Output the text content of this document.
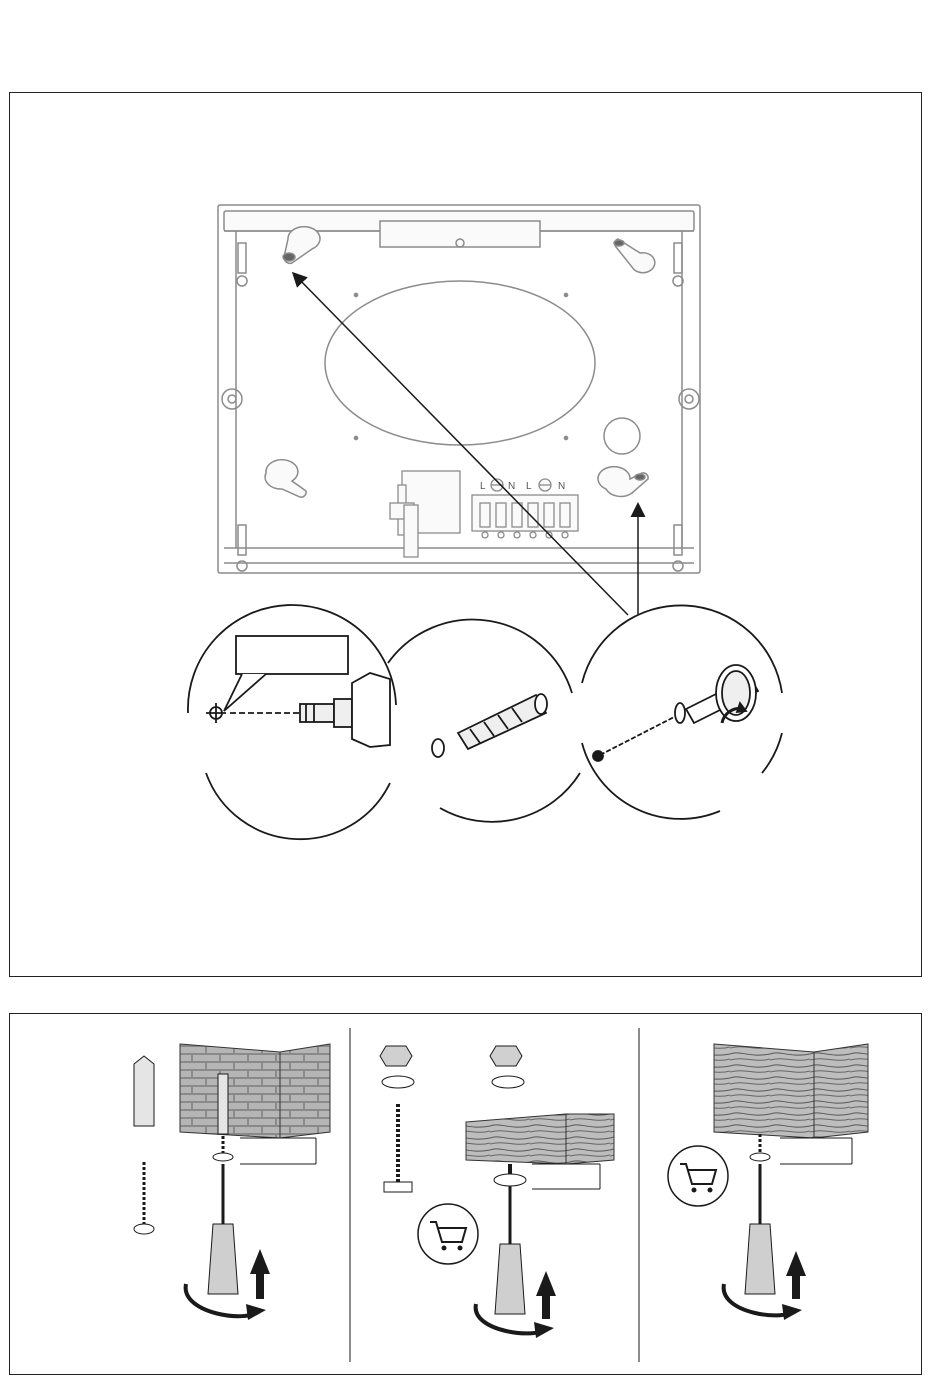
L N L	N
